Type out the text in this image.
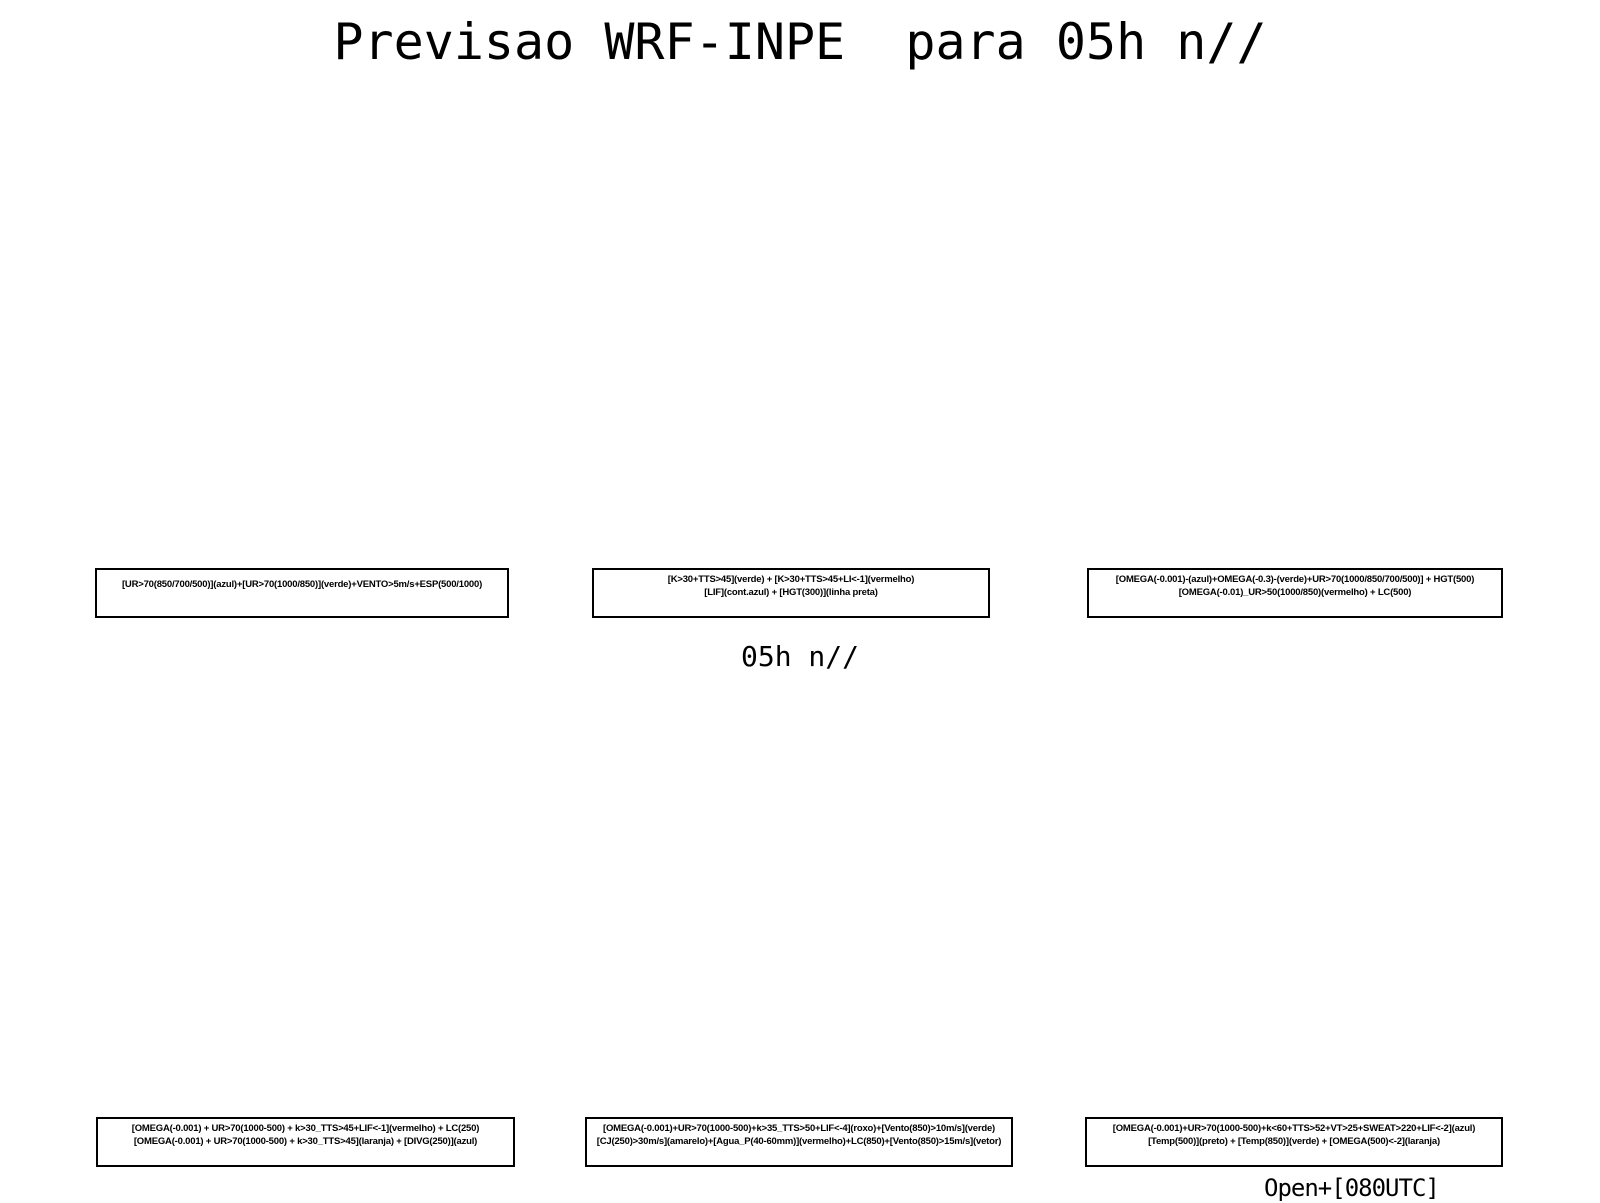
Previsao WRF-INPE  para 05h n//
[UR>70(850/700/500)](azul)+[UR>70(1000/850)](verde)+VENTO>5m/s+ESP(500/1000)	[K>30+TTS>45](verde) + [K>30+TTS>45+LI<-1](vermelho)
[LIF](cont.azul) + [HGT(300)](linha preta)
[OMEGA(-0.001)-(azul)+OMEGA(-0.3)-(verde)+UR>70(1000/850/700/500)] + HGT(500)
[OMEGA(-0.01)_UR>50(1000/850)(vermelho) + LC(500)
05h n//
[OMEGA(-0.001) + UR>70(1000-500) + k>30_TTS>45+LIF<-1](vermelho) + LC(250)
[OMEGA(-0.001) + UR>70(1000-500) + k>30_TTS>45](laranja) + [DIVG(250)](azul)
[OMEGA(-0.001)+UR>70(1000-500)+k>35_TTS>50+LIF<-4](roxo)+[Vento(850)>10m/s](verde)
[CJ(250)>30m/s](amarelo)+[Agua_P(40-60mm)](vermelho)+LC(850)+[Vento(850)>15m/s](vetor)
[OMEGA(-0.001)+UR>70(1000-500)+k<60+TTS>52+VT>25+SWEAT>220+LIF<-2](azul)
[Temp(500)](preto) + [Temp(850)](verde) + [OMEGA(500)<-2](laranja)
Open+[080UTC]
